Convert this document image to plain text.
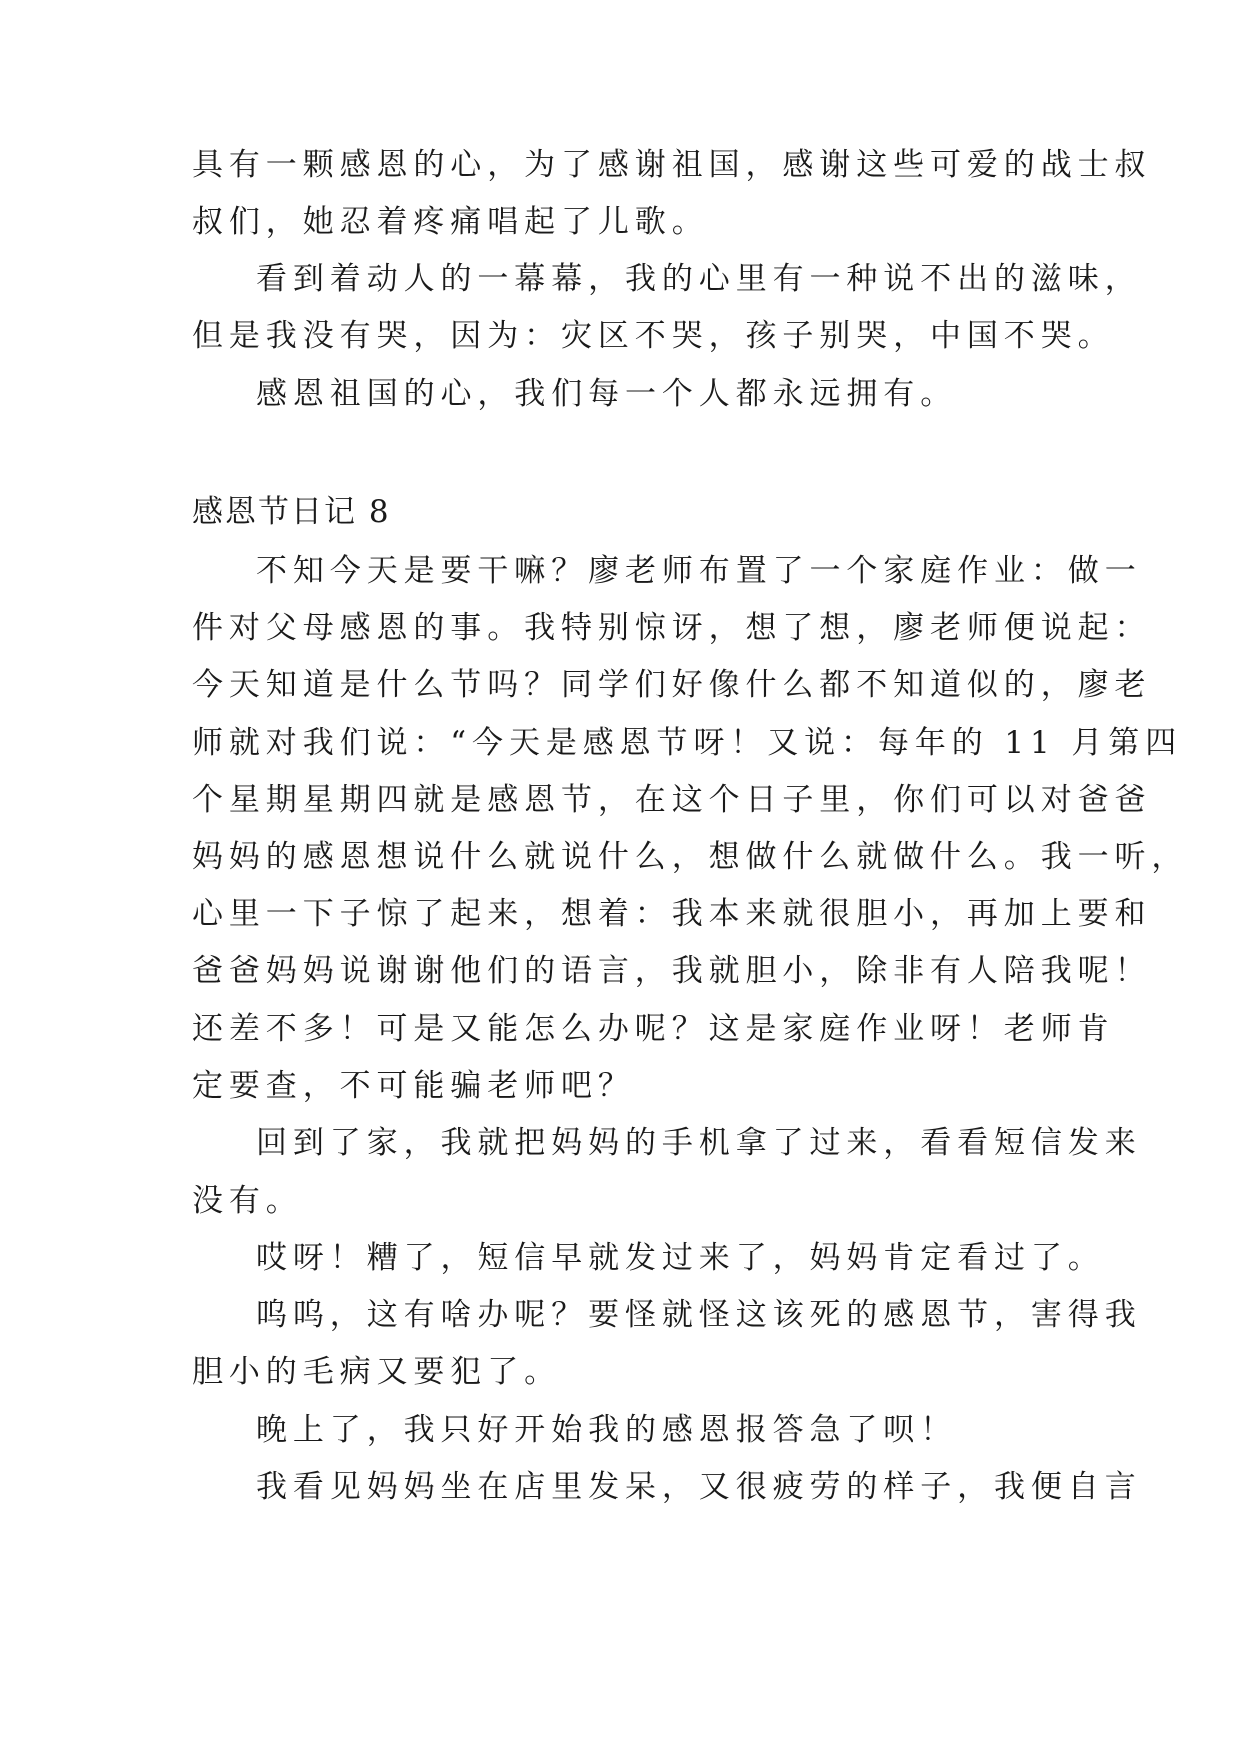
具有一颗感恩的心，为了感谢祖国，感谢这些可爱的战士叔
叔们，她忍着疼痛唱起了儿歌。
看到着动人的一幕幕，我的心里有一种说不出的滋味，
但是我没有哭，因为：灾区不哭，孩子别哭，中国不哭。
感恩祖国的心，我们每一个人都永远拥有。
感恩节日记 8
不知今天是要干嘛？廖老师布置了一个家庭作业：做一
件对父母感恩的事。我特别惊讶，想了想，廖老师便说起：
今天知道是什么节吗？同学们好像什么都不知道似的，廖老
师就对我们说：“今天是感恩节呀！又说：每年的 11 月第四
个星期星期四就是感恩节，在这个日子里，你们可以对爸爸
妈妈的感恩想说什么就说什么，想做什么就做什么。我一听，
心里一下子惊了起来，想着：我本来就很胆小，再加上要和
爸爸妈妈说谢谢他们的语言，我就胆小，除非有人陪我呢！
还差不多！可是又能怎么办呢？这是家庭作业呀！老师肯
定要查，不可能骗老师吧？
回到了家，我就把妈妈的手机拿了过来，看看短信发来
没有。
哎呀！糟了，短信早就发过来了，妈妈肯定看过了。
呜呜，这有啥办呢？要怪就怪这该死的感恩节，害得我
胆小的毛病又要犯了。
晚上了，我只好开始我的感恩报答急了呗！
我看见妈妈坐在店里发呆，又很疲劳的样子，我便自言
